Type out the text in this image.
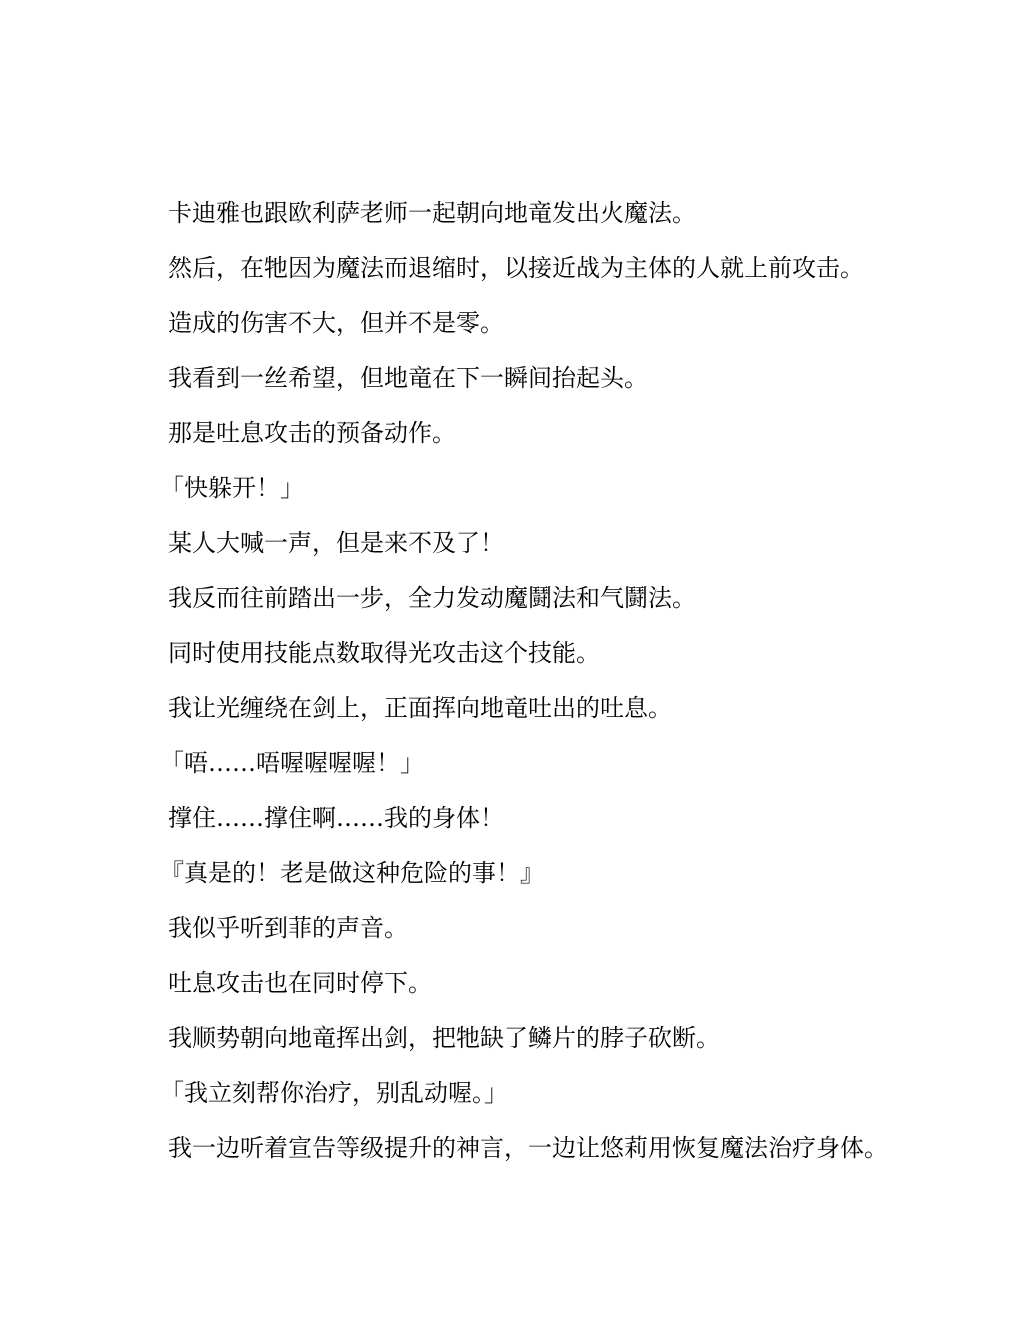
卡迪雅也跟欧利萨老师一起朝向地竜发出火魔法。

然后，在牠因为魔法而退缩时，以接近战为主体的人就上前攻击。

造成的伤害不大，但并不是零。

我看到一丝希望，但地竜在下一瞬间抬起头。

那是吐息攻击的预备动作。

「快躲开！」

某人大喊一声，但是来不及了！

我反而往前踏出一步，全力发动魔鬪法和气鬪法。

同时使用技能点数取得光攻击这个技能。

我让光缠绕在剑上，正面挥向地竜吐出的吐息。

「唔……唔喔喔喔喔！」

撑住……撑住啊……我的身体！

『真是的！老是做这种危险的事！』

我似乎听到菲的声音。

吐息攻击也在同时停下。

我顺势朝向地竜挥出剑，把牠缺了鳞片的脖子砍断。

「我立刻帮你治疗，别乱动喔。」

我一边听着宣告等级提升的神言，一边让悠莉用恢复魔法治疗身体。
